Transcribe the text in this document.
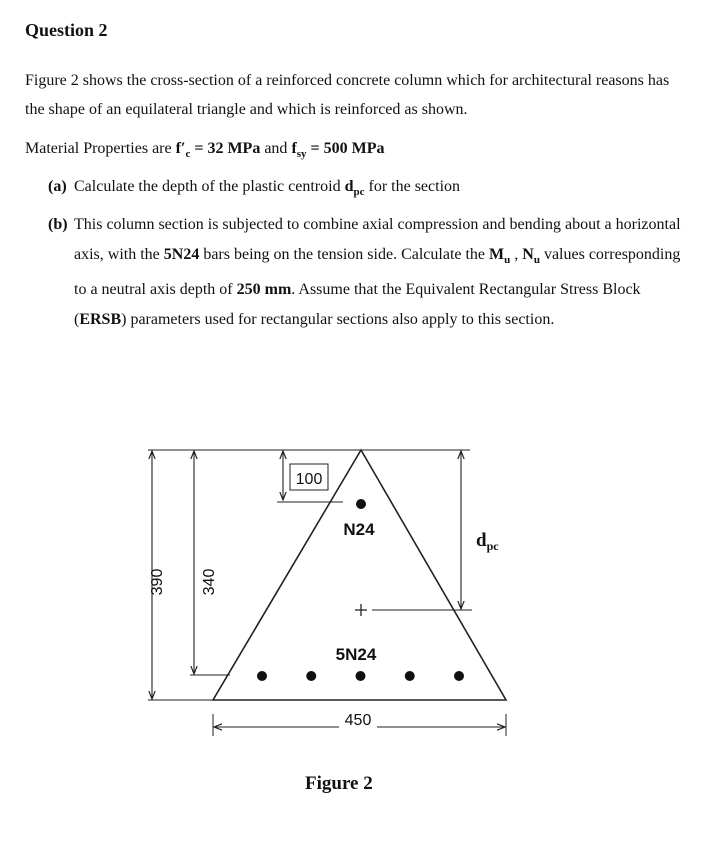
Question 2
Figure 2 shows the cross-section of a reinforced concrete column which for architectural reasons has the shape of an equilateral triangle and which is reinforced as shown.
Material Properties are $f'_c = 32$ MPa and $f_{sy} = 500$ MPa
(a) Calculate the depth of the plastic centroid $d_{pc}$ for the section
(b) This column section is subjected to combine axial compression and bending about a horizontal axis, with the 5N24 bars being on the tension side. Calculate the $M_u$ , $N_u$ values corresponding to a neutral axis depth of 250 mm. Assume that the Equivalent Rectangular Stress Block (ERSB) parameters used for rectangular sections also apply to this section.
390 340
100
450
$d_{pc}$
N24
5N24
Figure 2
